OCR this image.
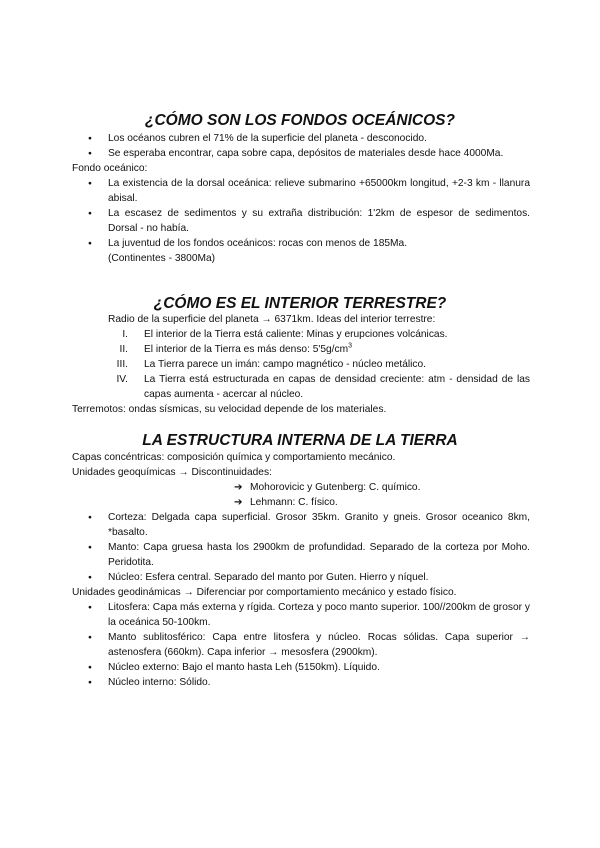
¿CÓMO SON LOS FONDOS OCEÁNICOS?
● Los océanos cubren el 71% de la superficie del planeta - desconocido.
● Se esperaba encontrar, capa sobre capa, depósitos de materiales desde hace 4000Ma.
Fondo oceánico:
● La existencia de la dorsal oceánica: relieve submarino +65000km longitud, +2-3 km - llanura abisal.
● La escasez de sedimentos y su extraña distribución: 1'2km de espesor de sedimentos. Dorsal - no había.
● La juventud de los fondos oceánicos: rocas con menos de 185Ma.
(Continentes - 3800Ma)
¿CÓMO ES EL INTERIOR TERRESTRE?
Radio de la superficie del planeta → 6371km. Ideas del interior terrestre:
I. El interior de la Tierra está caliente: Minas y erupciones volcánicas.
II. El interior de la Tierra es más denso: $5'5g/cm^3$
III. La Tierra parece un imán: campo magnético - núcleo metálico.
IV. La Tierra está estructurada en capas de densidad creciente: atm - densidad de las capas aumenta - acercar al núcleo.
Terremotos: ondas sísmicas, su velocidad depende de los materiales.
LA ESTRUCTURA INTERNA DE LA TIERRA
Capas concéntricas: composición química y comportamiento mecánico.
Unidades geoquímicas → Discontinuidades:
➔ Mohorovicic y Gutenberg: C. químico.
➔ Lehmann: C. físico.
● Corteza: Delgada capa superficial. Grosor 35km. Granito y gneis. Grosor oceanico 8km, *basalto.
● Manto: Capa gruesa hasta los 2900km de profundidad. Separado de la corteza por Moho. Peridotita.
● Núcleo: Esfera central. Separado del manto por Guten. Hierro y níquel.
Unidades geodinámicas → Diferenciar por comportamiento mecánico y estado físico.
● Litosfera: Capa más externa y rígida. Corteza y poco manto superior. 100//200km de grosor y la oceánica 50-100km.
● Manto sublitosférico: Capa entre litosfera y núcleo. Rocas sólidas. Capa superior → astenosfera (660km). Capa inferior → mesosfera (2900km).
● Núcleo externo: Bajo el manto hasta Leh (5150km). Líquido.
● Núcleo interno: Sólido.
